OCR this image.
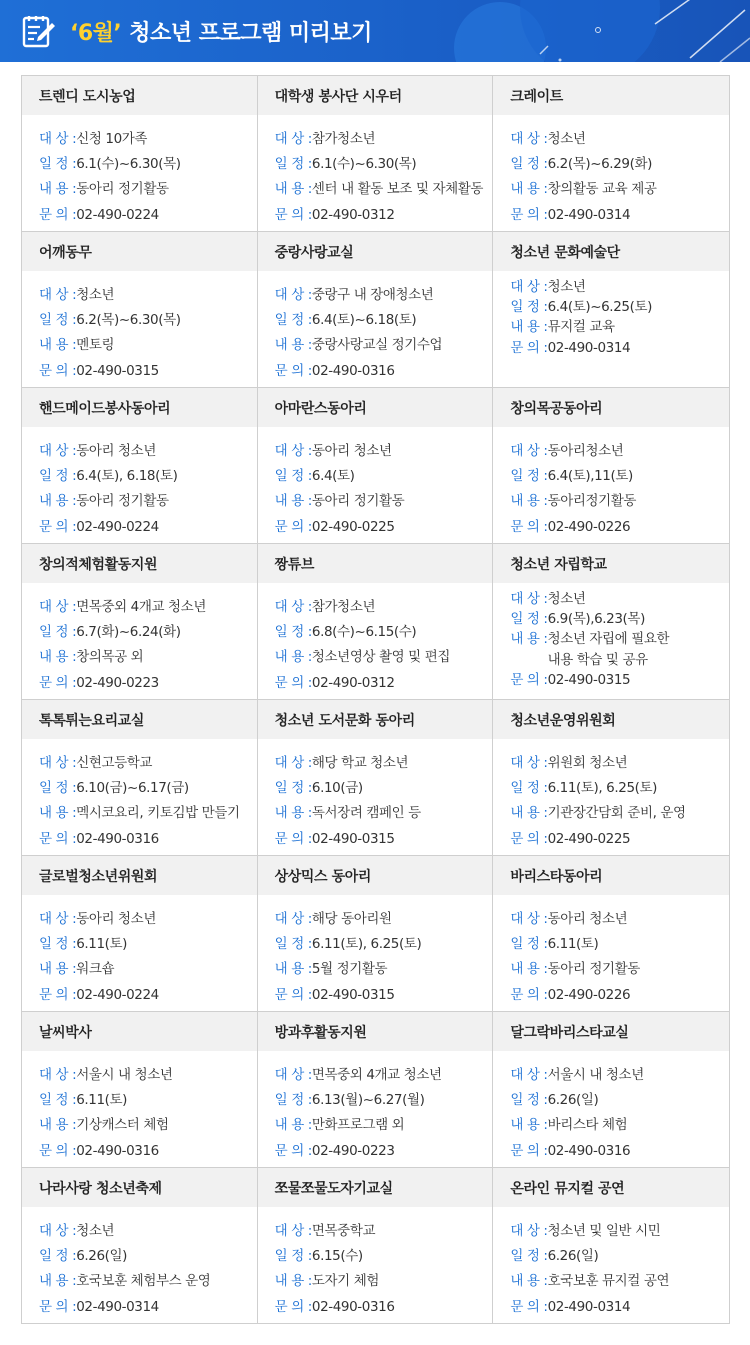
‘6월’ 청소년 프로그램 미리보기
트렌디 도시농업
대 상 : 신청 10가족
일 정 : 6.1(수)~6.30(목)
내 용 : 동아리 정기활동
문 의 : 02-490-0224
대학생 봉사단 시우터
대 상 : 참가청소년
일 정 : 6.1(수)~6.30(목)
내 용 : 센터 내 활동 보조 및 자체활동
문 의 : 02-490-0312
크레이트
대 상 : 청소년
일 정 : 6.2(목)~6.29(화)
내 용 : 창의활동 교육 제공
문 의 : 02-490-0314
어깨동무
대 상 : 청소년
일 정 : 6.2(목)~6.30(목)
내 용 : 멘토링
문 의 : 02-490-0315
중랑사랑교실
대 상 : 중랑구 내 장애청소년
일 정 : 6.4(토)~6.18(토)
내 용 : 중랑사랑교실 정기수업
문 의 : 02-490-0316
청소년 문화예술단
대 상 : 청소년
일 정 : 6.4(토)~6.25(토)
내 용 : 뮤지컬 교육
문 의 : 02-490-0314
핸드메이드봉사동아리
대 상 : 동아리 청소년
일 정 : 6.4(토), 6.18(토)
내 용 : 동아리 정기활동
문 의 : 02-490-0224
아마란스동아리
대 상 : 동아리 청소년
일 정 : 6.4(토)
내 용 : 동아리 정기활동
문 의 : 02-490-0225
창의목공동아리
대 상 : 동아리청소년
일 정 : 6.4(토),11(토)
내 용 : 동아리정기활동
문 의 : 02-490-0226
창의적체험활동지원
대 상 : 면목중외 4개교 청소년
일 정 : 6.7(화)~6.24(화)
내 용 : 창의목공 외
문 의 : 02-490-0223
짱튜브
대 상 : 참가청소년
일 정 : 6.8(수)~6.15(수)
내 용 : 청소년영상 촬영 및 편집
문 의 : 02-490-0312
청소년 자립학교
대 상 : 청소년
일 정 : 6.9(목),6.23(목)
내 용 : 청소년 자립에 필요한
내용 학습 및 공유
문 의 : 02-490-0315
톡톡튀는요리교실
대 상 : 신현고등학교
일 정 : 6.10(금)~6.17(금)
내 용 : 멕시코요리, 키토김밥 만들기
문 의 : 02-490-0316
청소년 도서문화 동아리
대 상 : 해당 학교 청소년
일 정 : 6.10(금)
내 용 : 독서장려 캠페인 등
문 의 : 02-490-0315
청소년운영위원회
대 상 : 위원회 청소년
일 정 : 6.11(토), 6.25(토)
내 용 : 기관장간담회 준비, 운영
문 의 : 02-490-0225
글로벌청소년위원회
대 상 : 동아리 청소년
일 정 : 6.11(토)
내 용 : 워크숍
문 의 : 02-490-0224
상상믹스 동아리
대 상 : 해당 동아리원
일 정 : 6.11(토), 6.25(토)
내 용 : 5월 정기활동
문 의 : 02-490-0315
바리스타동아리
대 상 : 동아리 청소년
일 정 : 6.11(토)
내 용 : 동아리 정기활동
문 의 : 02-490-0226
날씨박사
대 상 : 서울시 내 청소년
일 정 : 6.11(토)
내 용 : 기상캐스터 체험
문 의 : 02-490-0316
방과후활동지원
대 상 : 면목중외 4개교 청소년
일 정 : 6.13(월)~6.27(월)
내 용 : 만화프로그램 외
문 의 : 02-490-0223
달그락바리스타교실
대 상 : 서울시 내 청소년
일 정 : 6.26(일)
내 용 : 바리스타 체험
문 의 : 02-490-0316
나라사랑 청소년축제
대 상 : 청소년
일 정 : 6.26(일)
내 용 : 호국보훈 체험부스 운영
문 의 : 02-490-0314
쪼물쪼물도자기교실
대 상 : 면목중학교
일 정 : 6.15(수)
내 용 : 도자기 체험
문 의 : 02-490-0316
온라인 뮤지컬 공연
대 상 : 청소년 및 일반 시민
일 정 : 6.26(일)
내 용 : 호국보훈 뮤지컬 공연
문 의 : 02-490-0314
